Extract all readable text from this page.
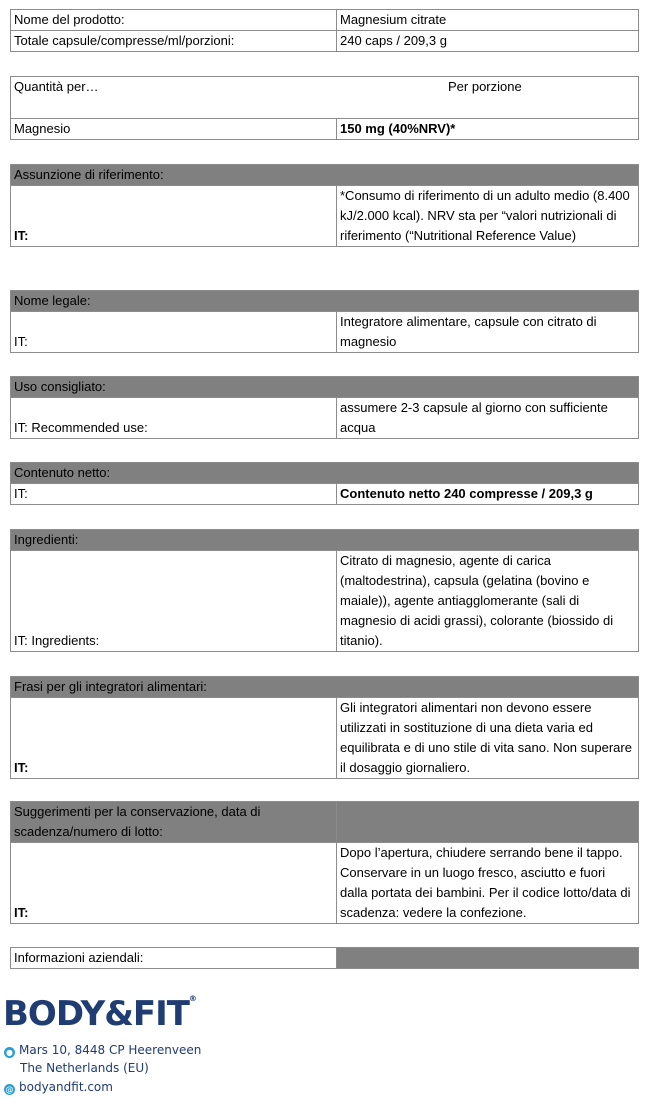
Nome del prodotto:	Magnesium citrate
Totale capsule/compresse/ml/porzioni:	240 caps / 209,3 g
Quantità per…	Per porzione

Magnesio	150 mg (40%NRV)*
Assunzione di riferimento:
IT:	*Consumo di riferimento di un adulto medio (8.400 kJ/2.000 kcal). NRV sta per “valori nutrizionali di riferimento (“Nutritional Reference Value)
Nome legale:
IT:	Integratore alimentare, capsule con citrato di magnesio
Uso consigliato:
IT: Recommended use:	assumere 2-3 capsule al giorno con sufficiente acqua
Contenuto netto:
IT:	Contenuto netto 240 compresse / 209,3 g
Ingredienti:
IT: Ingredients:	Citrato di magnesio, agente di carica (maltodestrina), capsula (gelatina (bovino e maiale)), agente antiagglomerante (sali di magnesio di acidi grassi), colorante (biossido di titanio).
Frasi per gli integratori alimentari:
IT:	Gli integratori alimentari non devono essere utilizzati in sostituzione di una dieta varia ed equilibrata e di uno stile di vita sano. Non superare il dosaggio giornaliero.
Suggerimenti per la conservazione, data di scadenza/numero di lotto:	
IT:	Dopo l’apertura, chiudere serrando bene il tappo. Conservare in un luogo fresco, asciutto e fuori dalla portata dei bambini. Per il codice lotto/data di scadenza: vedere la confezione.
Informazioni aziendali:	
BODY&FIT®
● Mars 10, 8448 CP Heerenveen
The Netherlands (EU)
@ bodyandfit.com
